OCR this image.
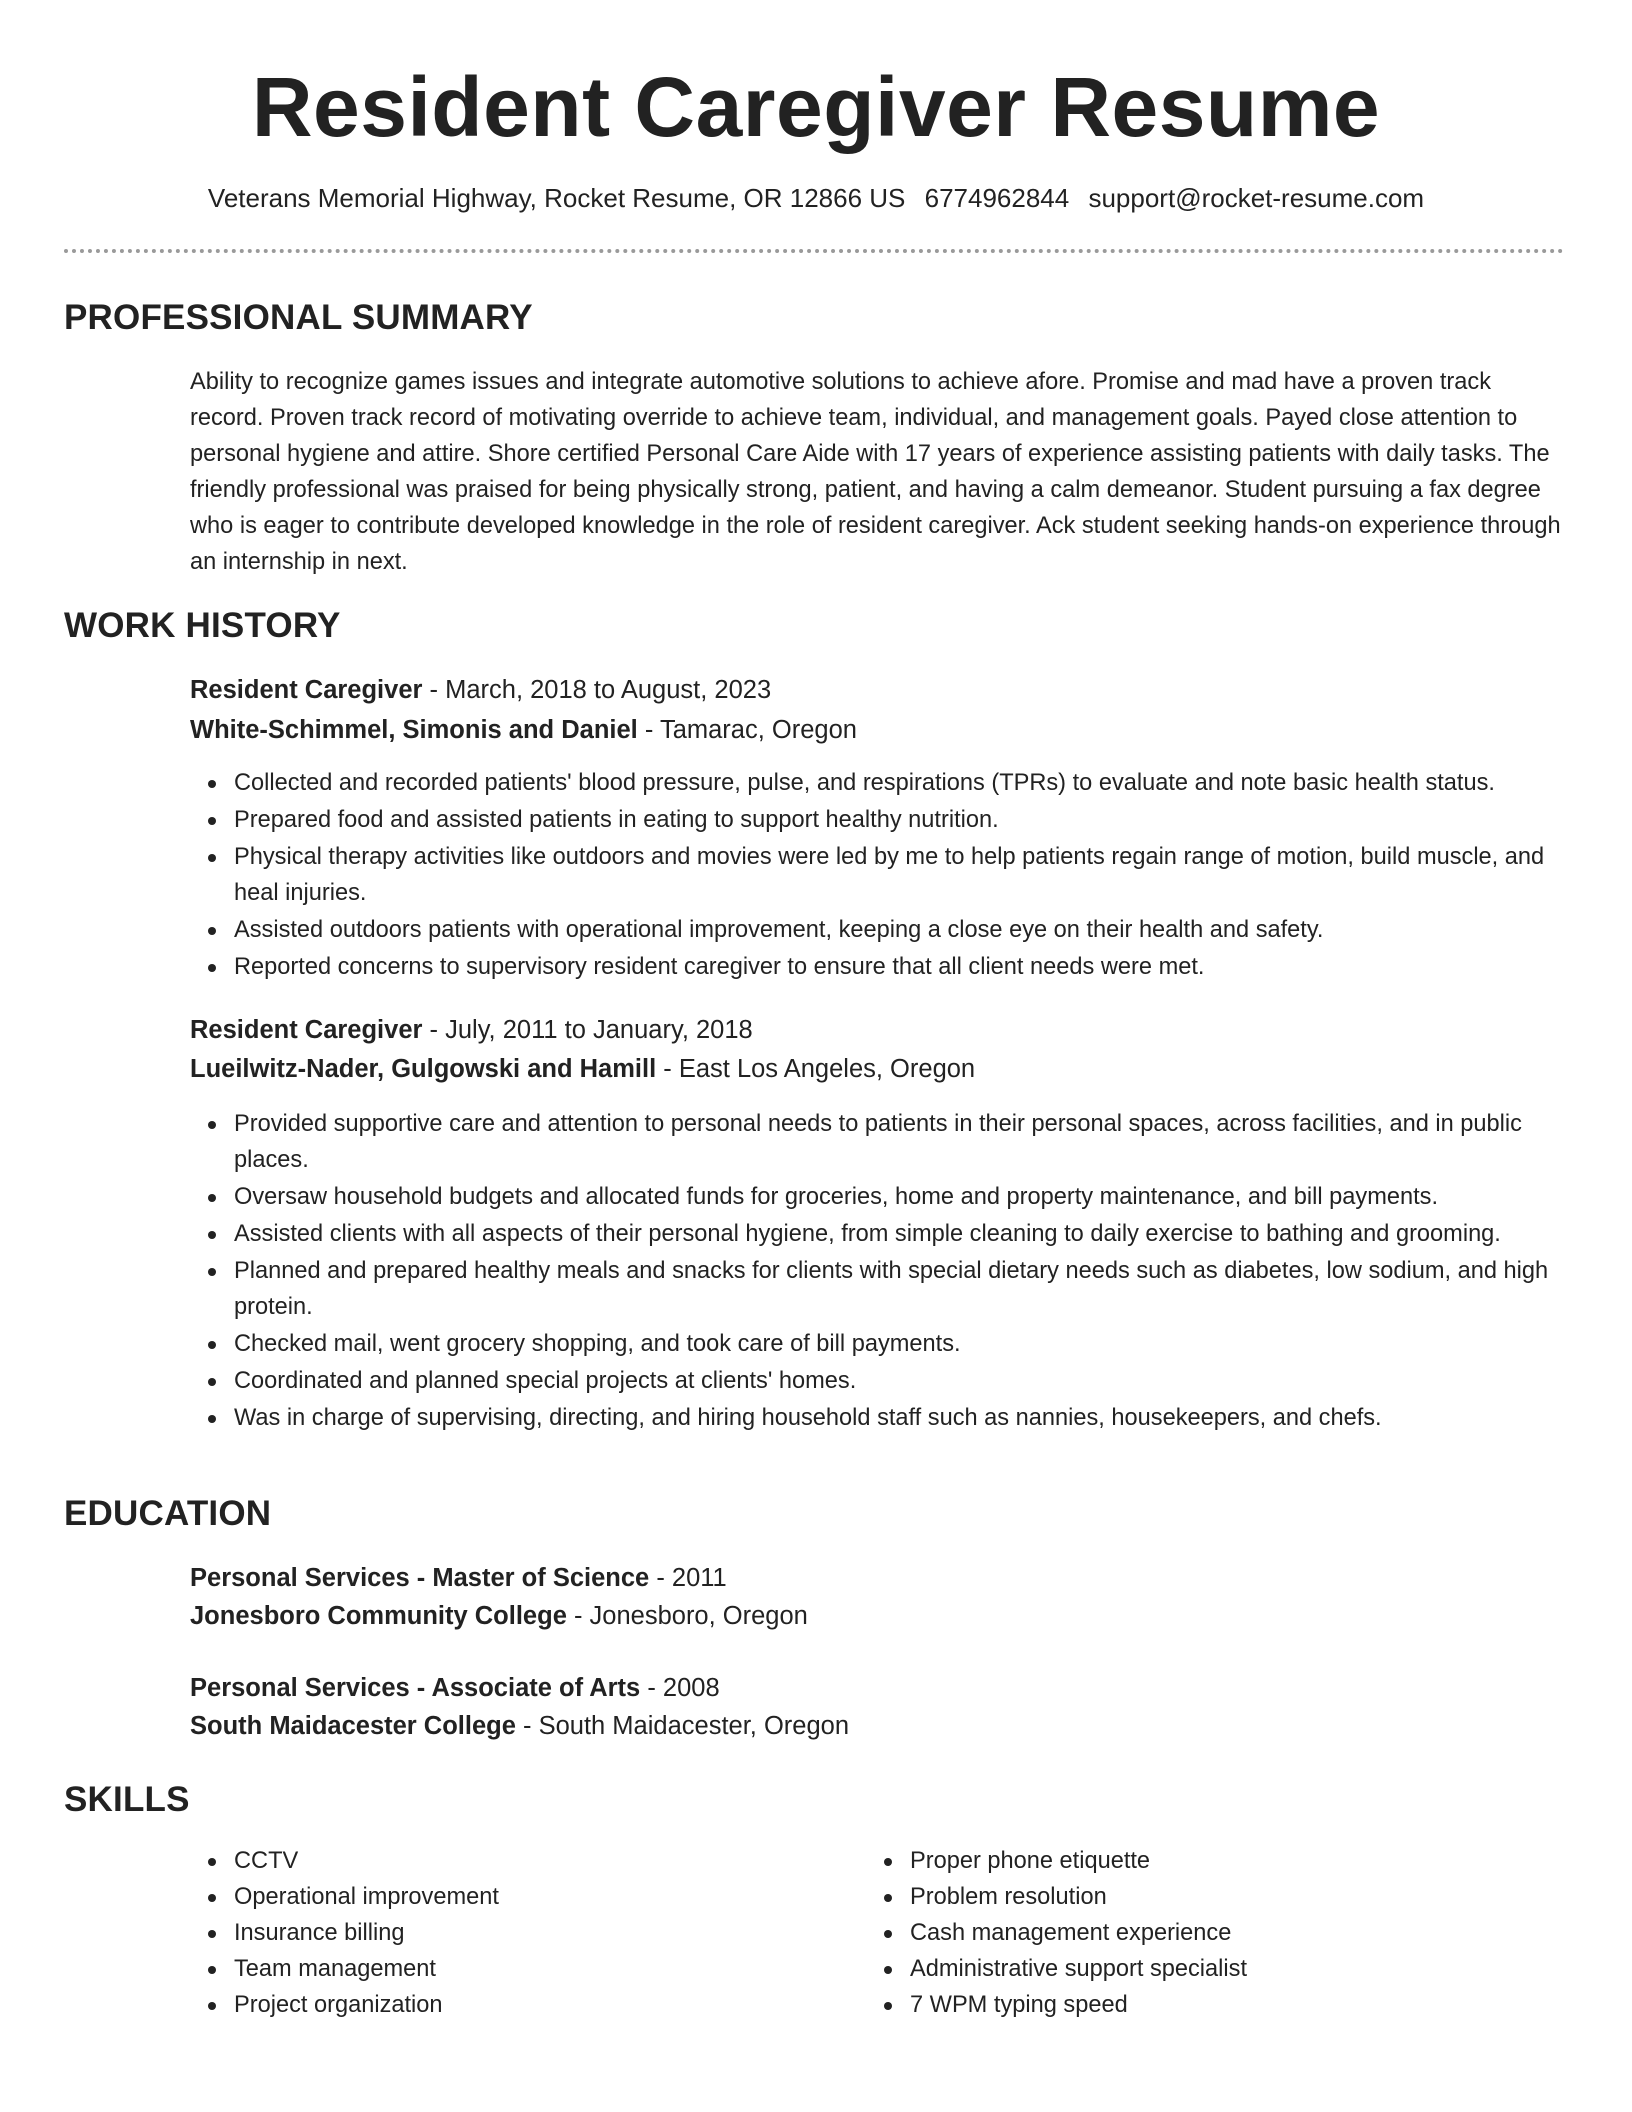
Resident Caregiver Resume
Veterans Memorial Highway, Rocket Resume, OR 12866 US 6774962844 support@rocket-resume.com
PROFESSIONAL SUMMARY

Ability to recognize games issues and integrate automotive solutions to achieve afore. Promise and mad have a proven track record. Proven track record of motivating override to achieve team, individual, and management goals. Payed close attention to personal hygiene and attire. Shore certified Personal Care Aide with 17 years of experience assisting patients with daily tasks. The friendly professional was praised for being physically strong, patient, and having a calm demeanor. Student pursuing a fax degree who is eager to contribute developed knowledge in the role of resident caregiver. Ack student seeking hands-on experience through an internship in next.

WORK HISTORY
Resident Caregiver - March, 2018 to August, 2023
White-Schimmel, Simonis and Daniel - Tamarac, Oregon
Collected and recorded patients' blood pressure, pulse, and respirations (TPRs) to evaluate and note basic health status.
Prepared food and assisted patients in eating to support healthy nutrition.
Physical therapy activities like outdoors and movies were led by me to help patients regain range of motion, build muscle, and heal injuries.
Assisted outdoors patients with operational improvement, keeping a close eye on their health and safety.
Reported concerns to supervisory resident caregiver to ensure that all client needs were met.
Resident Caregiver - July, 2011 to January, 2018
Lueilwitz-Nader, Gulgowski and Hamill - East Los Angeles, Oregon
Provided supportive care and attention to personal needs to patients in their personal spaces, across facilities, and in public places.
Oversaw household budgets and allocated funds for groceries, home and property maintenance, and bill payments.
Assisted clients with all aspects of their personal hygiene, from simple cleaning to daily exercise to bathing and grooming.
Planned and prepared healthy meals and snacks for clients with special dietary needs such as diabetes, low sodium, and high protein.
Checked mail, went grocery shopping, and took care of bill payments.
Coordinated and planned special projects at clients' homes.
Was in charge of supervising, directing, and hiring household staff such as nannies, housekeepers, and chefs.
EDUCATION
Personal Services - Master of Science - 2011
Jonesboro Community College - Jonesboro, Oregon
Personal Services - Associate of Arts - 2008
South Maidacester College - South Maidacester, Oregon
SKILLS
CCTV
Operational improvement
Insurance billing
Team management
Project organization
Proper phone etiquette
Problem resolution
Cash management experience
Administrative support specialist
7 WPM typing speed
